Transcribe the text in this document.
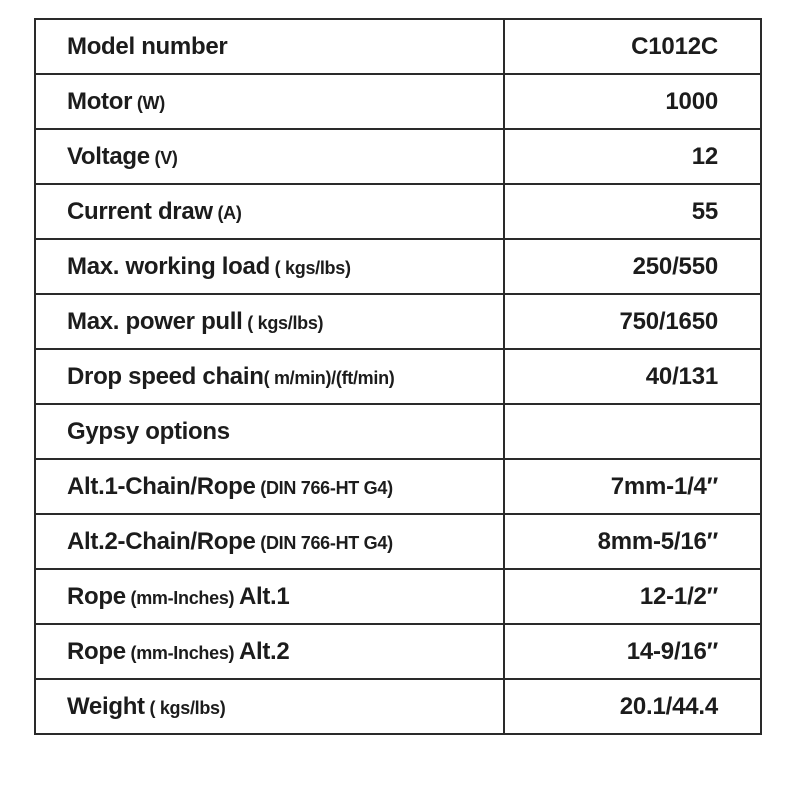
Model number	C1012C
Motor (W)	1000
Voltage (V)	12
Current draw (A)	55
Max. working load ( kgs/lbs)	250/550
Max. power pull ( kgs/lbs)	750/1650
Drop speed chain( m/min)/(ft/min)	40/131
Gypsy options	
Alt.1-Chain/Rope (DIN 766-HT G4)	7mm-1/4″
Alt.2-Chain/Rope (DIN 766-HT G4)	8mm-5/16″
Rope (mm-Inches) Alt.1	12-1/2″
Rope (mm-Inches) Alt.2	14-9/16″
Weight ( kgs/lbs)	20.1/44.4
